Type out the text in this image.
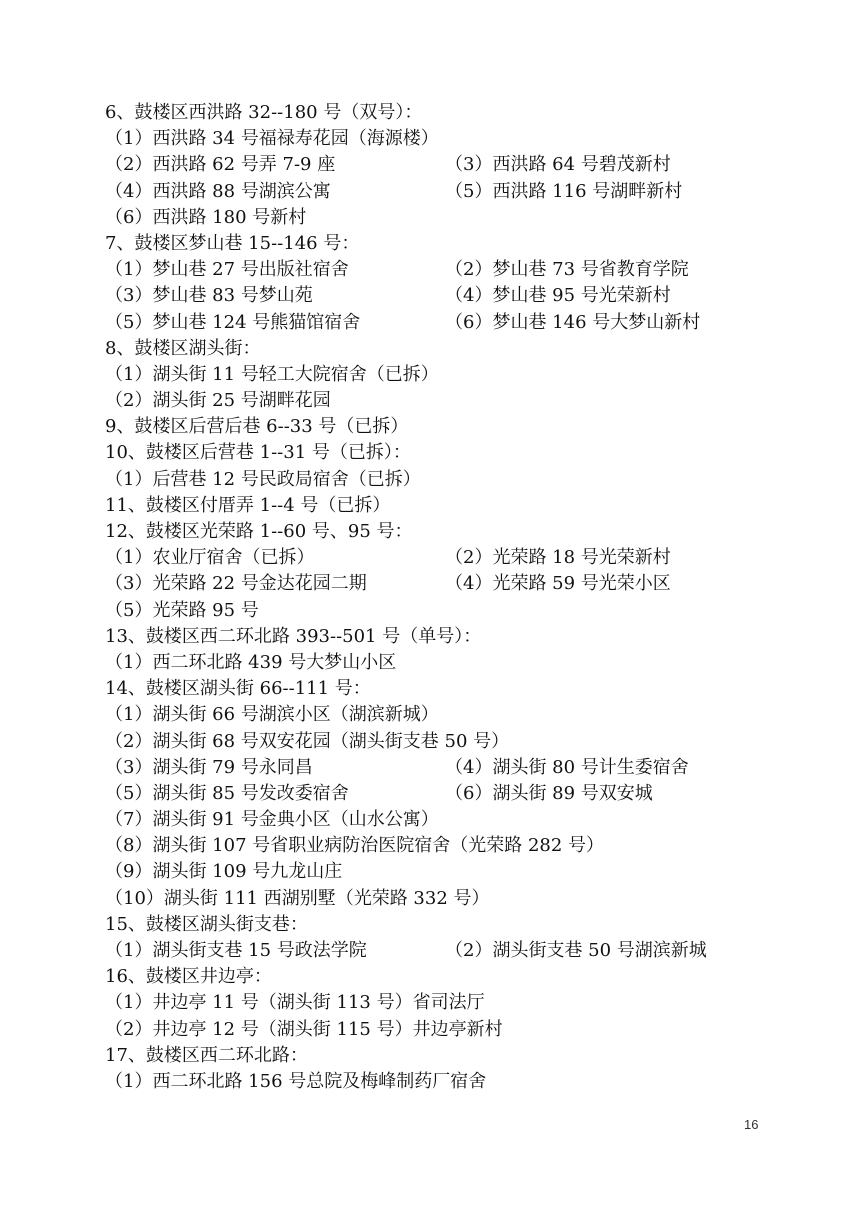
6、鼓楼区西洪路 32--180 号（双号）：
（1）西洪路 34 号福禄寿花园（海源楼）
（2）西洪路 62 号弄 7-9 座	（3）西洪路 64 号碧茂新村
（4）西洪路 88 号湖滨公寓	（5）西洪路 116 号湖畔新村
（6）西洪路 180 号新村
7、鼓楼区梦山巷 15--146 号：
（1）梦山巷 27 号出版社宿舍	（2）梦山巷 73 号省教育学院
（3）梦山巷 83 号梦山苑	（4）梦山巷 95 号光荣新村
（5）梦山巷 124 号熊猫馆宿舍	（6）梦山巷 146 号大梦山新村
8、鼓楼区湖头街：
（1）湖头街 11 号轻工大院宿舍（已拆）
（2）湖头街 25 号湖畔花园
9、鼓楼区后营后巷 6--33 号（已拆）
10、鼓楼区后营巷 1--31 号（已拆）：
（1）后营巷 12 号民政局宿舍（已拆）
11、鼓楼区付厝弄 1--4 号（已拆）
12、鼓楼区光荣路 1--60 号、95 号：
（1）农业厅宿舍（已拆）	（2）光荣路 18 号光荣新村
（3）光荣路 22 号金达花园二期	（4）光荣路 59 号光荣小区
（5）光荣路 95 号
13、鼓楼区西二环北路 393--501 号（单号）：
（1）西二环北路 439 号大梦山小区
14、鼓楼区湖头街 66--111 号：
（1）湖头街 66 号湖滨小区（湖滨新城）
（2）湖头街 68 号双安花园（湖头街支巷 50 号）
（3）湖头街 79 号永同昌	（4）湖头街 80 号计生委宿舍
（5）湖头街 85 号发改委宿舍	（6）湖头街 89 号双安城
（7）湖头街 91 号金典小区（山水公寓）
（8）湖头街 107 号省职业病防治医院宿舍（光荣路 282 号）
（9）湖头街 109 号九龙山庄
（10）湖头街 111 西湖别墅（光荣路 332 号）
15、鼓楼区湖头街支巷：
（1）湖头街支巷 15 号政法学院	（2）湖头街支巷 50 号湖滨新城
16、鼓楼区井边亭：
（1）井边亭 11 号（湖头街 113 号）省司法厅
（2）井边亭 12 号（湖头街 115 号）井边亭新村
17、鼓楼区西二环北路：
（1）西二环北路 156 号总院及梅峰制药厂宿舍
16
